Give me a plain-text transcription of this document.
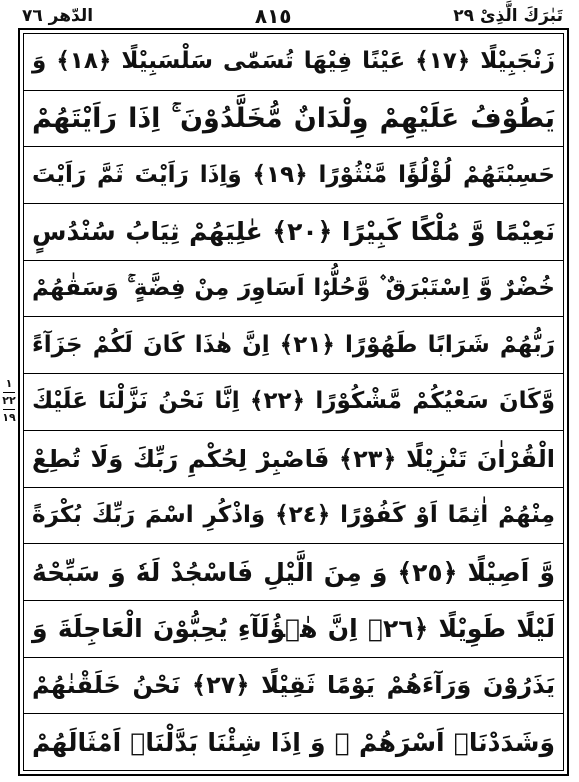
تَبٰرَكَ الَّذِیْ ٢٩
٨١٥
الدّهر ٧٦
١
٢٢
١٩
زَنْجَبِیْلًا ﴿١٧﴾ عَیْنًا فِیْهَا تُسَمّٰى سَلْسَبِیْلًا ﴿١٨﴾ وَ
یَطُوْفُ عَلَیْهِمْ وِلْدَانٌ مُّخَلَّدُوْنَ ۚ اِذَا رَاَیْتَهُمْ
حَسِبْتَهُمْ لُؤْلُؤًا مَّنْثُوْرًا ﴿١٩﴾ وَاِذَا رَاَیْتَ ثَمَّ رَاَیْتَ
نَعِیْمًا وَّ مُلْكًا كَبِیْرًا ﴿٢٠﴾ عٰلِیَهُمْ ثِیَابُ سُنْدُسٍ
خُضْرٌ وَّ اِسْتَبْرَقٌ ۫ وَّحُلُّوْۤا اَسَاوِرَ مِنْ فِضَّةٍ ۚ وَسَقٰهُمْ
رَبُّهُمْ شَرَابًا طَهُوْرًا ﴿٢١﴾ اِنَّ هٰذَا كَانَ لَكُمْ جَزَآءً
وَّكَانَ سَعْیُكُمْ مَّشْكُوْرًا ﴿٢٢﴾ اِنَّا نَحْنُ نَزَّلْنَا عَلَیْكَ
الْقُرْاٰنَ تَنْزِیْلًا ﴿٢٣﴾ فَاصْبِرْ لِحُكْمِ رَبِّكَ وَلَا تُطِعْ
مِنْهُمْ اٰثِمًا اَوْ كَفُوْرًا ﴿٢٤﴾ وَاذْكُرِ اسْمَ رَبِّكَ بُكْرَةً
وَّ اَصِیْلًا ﴿٢٥﴾ وَ مِنَ الَّیْلِ فَاسْجُدْ لَهٗ وَ سَبِّحْهُ
لَیْلًا طَوِیْلًا ﴿٢٦﴾ اِنَّ هٰۤؤُلَآءِ یُحِبُّوْنَ الْعَاجِلَةَ وَ
یَذَرُوْنَ وَرَآءَهُمْ یَوْمًا ثَقِیْلًا ﴿٢٧﴾ نَحْنُ خَلَقْنٰهُمْ
وَشَدَدْنَاۤ اَسْرَهُمْ ۚ وَ اِذَا شِئْنَا بَدَّلْنَاۤ اَمْثَالَهُمْ
